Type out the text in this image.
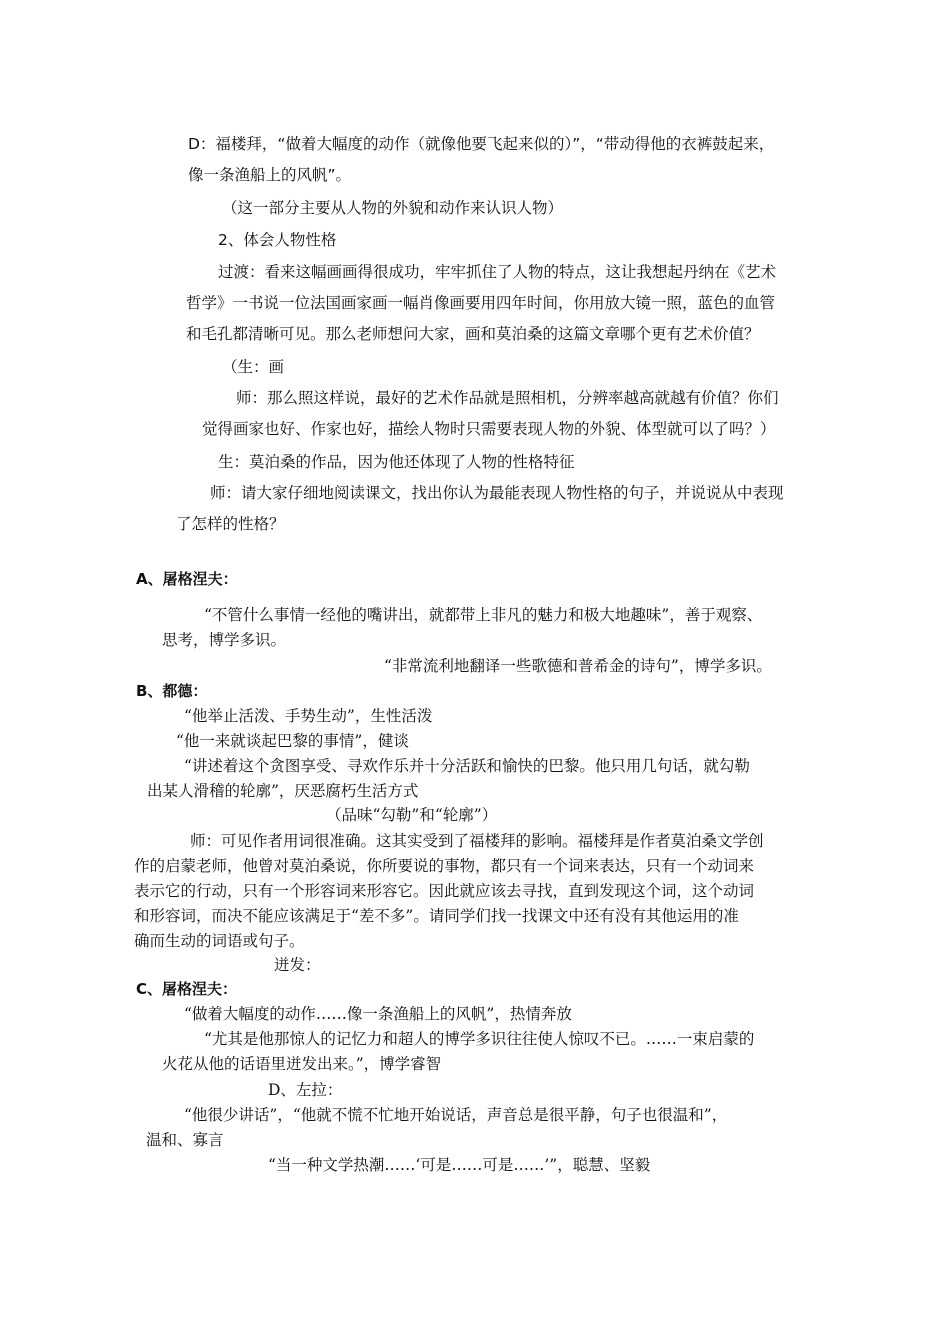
D：福楼拜，“做着大幅度的动作（就像他要飞起来似的）”，“带动得他的衣裤鼓起来，
像一条渔船上的风帆”。
（这一部分主要从人物的外貌和动作来认识人物）
2、体会人物性格
过渡：看来这幅画画得很成功，牢牢抓住了人物的特点，这让我想起丹纳在《艺术
哲学》一书说一位法国画家画一幅肖像画要用四年时间，你用放大镜一照，蓝色的血管
和毛孔都清晰可见。那么老师想问大家，画和莫泊桑的这篇文章哪个更有艺术价值？
（生：画
师：那么照这样说，最好的艺术作品就是照相机，分辨率越高就越有价值？你们
觉得画家也好、作家也好，描绘人物时只需要表现人物的外貌、体型就可以了吗？）
生：莫泊桑的作品，因为他还体现了人物的性格特征
师：请大家仔细地阅读课文，找出你认为最能表现人物性格的句子，并说说从中表现
了怎样的性格？
A、屠格涅夫：
“不管什么事情一经他的嘴讲出，就都带上非凡的魅力和极大地趣味”，善于观察、
思考，博学多识。
“非常流利地翻译一些歌德和普希金的诗句”，博学多识。
B、都德：
“他举止活泼、手势生动”，生性活泼
“他一来就谈起巴黎的事情”，健谈
“讲述着这个贪图享受、寻欢作乐并十分活跃和愉快的巴黎。他只用几句话，就勾勒
出某人滑稽的轮廓”，厌恶腐朽生活方式
（品味“勾勒”和“轮廓”）
师：可见作者用词很准确。这其实受到了福楼拜的影响。福楼拜是作者莫泊桑文学创
作的启蒙老师，他曾对莫泊桑说，你所要说的事物，都只有一个词来表达，只有一个动词来
表示它的行动，只有一个形容词来形容它。因此就应该去寻找，直到发现这个词，这个动词
和形容词，而决不能应该满足于“差不多”。请同学们找一找课文中还有没有其他运用的准
确而生动的词语或句子。
迸发：
C、屠格涅夫：
“做着大幅度的动作……像一条渔船上的风帆”，热情奔放
“尤其是他那惊人的记忆力和超人的博学多识往往使人惊叹不已。……一束启蒙的
火花从他的话语里迸发出来。”，博学睿智
D、左拉：
“他很少讲话”，“他就不慌不忙地开始说话，声音总是很平静，句子也很温和”，
温和、寡言
“当一种文学热潮……‘可是……可是……’”，聪慧、坚毅
